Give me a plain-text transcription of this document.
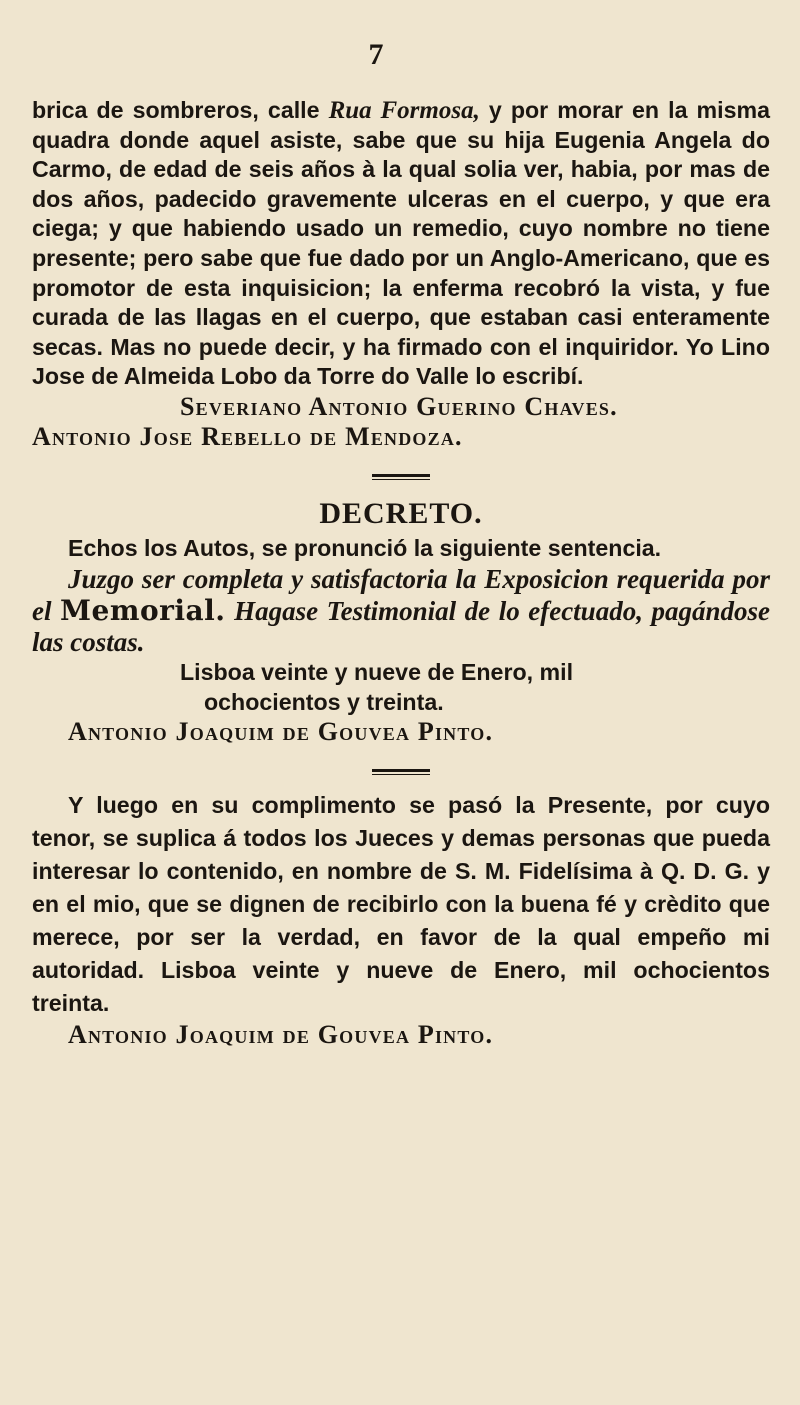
7

brica de sombreros, calle Rua Formosa, y por morar en la misma quadra donde aquel asiste, sabe que su hija Eugenia Angela do Carmo, de edad de seis años à la qual solia ver, habia, por mas de dos años, padecido gravemente ulceras en el cuerpo, y que era ciega; y que habiendo usado un remedio, cuyo nombre no tiene presente; pero sabe que fue dado por un Anglo-Americano, que es promotor de esta inquisicion; la enferma recobró la vista, y fue curada de las llagas en el cuerpo, que estaban casi enteramente secas. Mas no puede decir, y ha firmado con el inquiridor. Yo Lino Jose de Almeida Lobo da Torre do Valle lo escribí.

Severiano Antonio Guerino Chaves.
Antonio Jose Rebello de Mendoza.
DECRETO.

Echos los Autos, se pronunció la siguiente sentencia.

Juzgo ser completa y satisfactoria la Exposicion requerida por el Memorial. Hagase Testimonial de lo efectuado, pagándose las costas.

Lisboa veinte y nueve de Enero, mil
ochocientos y treinta.
Antonio Joaquim de Gouvea Pinto.

Y luego en su complimento se pasó la Presente, por cuyo tenor, se suplica á todos los Jueces y demas personas que pueda interesar lo contenido, en nombre de S. M. Fidelísima à Q. D. G. y en el mio, que se dignen de recibirlo con la buena fé y crèdito que merece, por ser la verdad, en favor de la qual empeño mi autoridad. Lisboa veinte y nueve de Enero, mil ochocientos treinta.

Antonio Joaquim de Gouvea Pinto.
